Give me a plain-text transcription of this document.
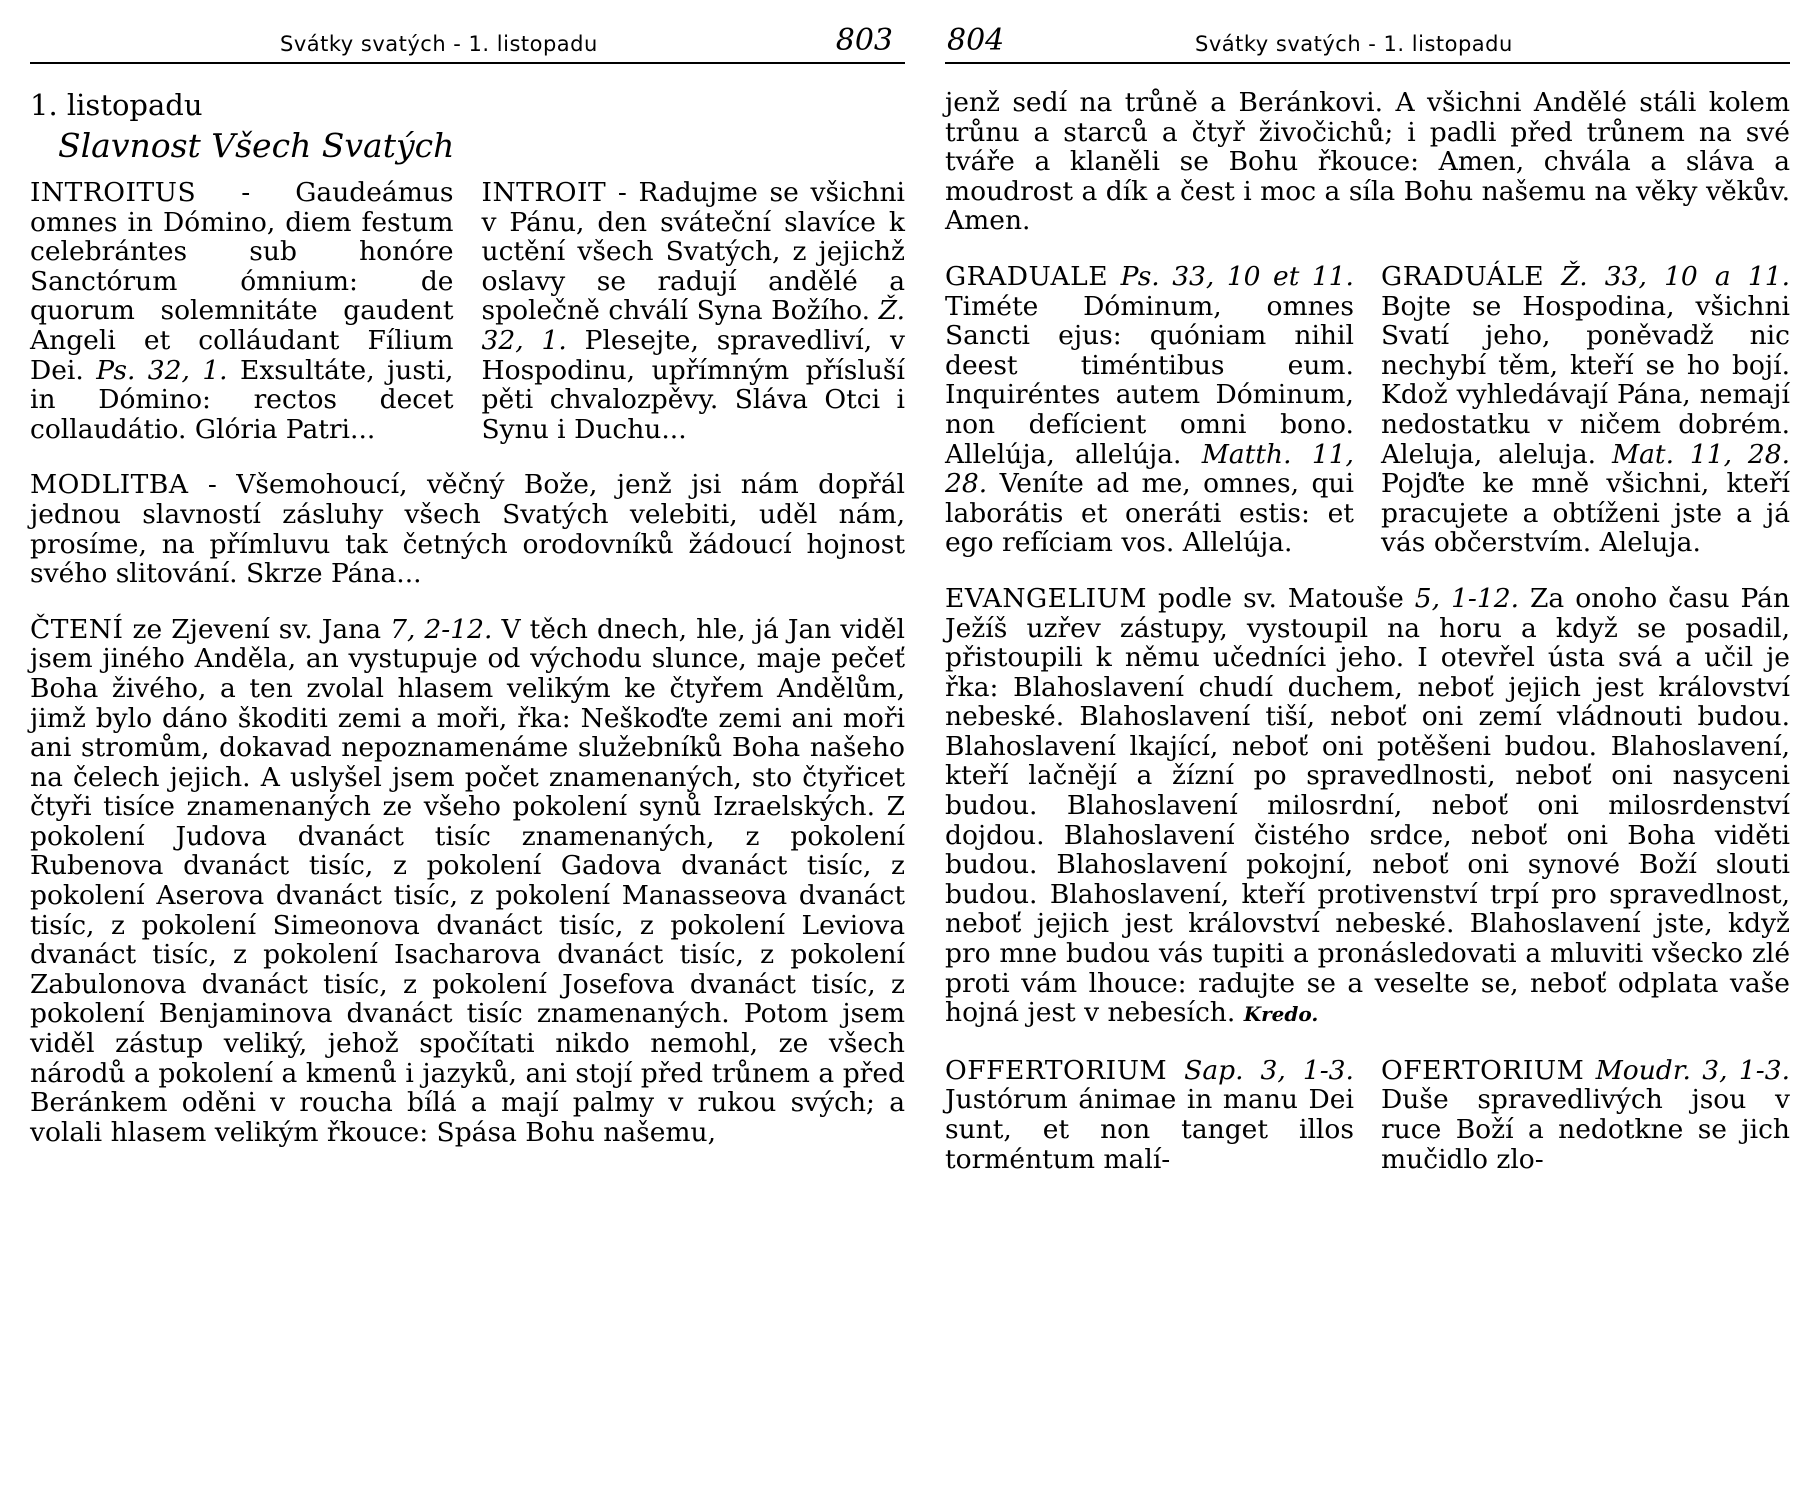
Svátky svatých - 1. listopadu	803

1. listopadu

Slavnost Všech Svatých

INTROITUS - Gaudeámus omnes in Dómino, diem festum celebrántes sub honóre Sanctórum ómnium: de quorum solemnitáte gaudent Angeli et colláudant Fílium Dei. Ps. 32, 1. Exsultáte, justi, in Dómino: rectos decet collaudátio. Glória Patri...

INTROIT - Radujme se všichni v Pánu, den sváteční slavíce k uctění všech Svatých, z jejichž oslavy se radují andělé a společně chválí Syna Božího. Ž. 32, 1. Plesejte, spravedliví, v Hospodinu, upřímným přísluší pěti chvalozpěvy. Sláva Otci i Synu i Duchu...

MODLITBA - Všemohoucí, věčný Bože, jenž jsi nám dopřál jednou slavností zásluhy všech Svatých velebiti, uděl nám, prosíme, na přímluvu tak četných orodovníků žádoucí hojnost svého slitování. Skrze Pána...

ČTENÍ ze Zjevení sv. Jana 7, 2-12. V těch dnech, hle, já Jan viděl jsem jiného Anděla, an vystupuje od východu slunce, maje pečeť Boha živého, a ten zvolal hlasem velikým ke čtyřem Andělům, jimž bylo dáno škoditi zemi a moři, řka: Neškoďte zemi ani moři ani stromům, dokavad nepoznamenáme služebníků Boha našeho na čelech jejich. A uslyšel jsem počet znamenaných, sto čtyřicet čtyři tisíce znamenaných ze všeho pokolení synů Izraelských. Z pokolení Judova dvanáct tisíc znamenaných, z pokolení Rubenova dvanáct tisíc, z pokolení Gadova dvanáct tisíc, z pokolení Aserova dvanáct tisíc, z pokolení Manasseova dvanáct tisíc, z pokolení Simeonova dvanáct tisíc, z pokolení Leviova dvanáct tisíc, z pokolení Isacharova dvanáct tisíc, z pokolení Zabulonova dvanáct tisíc, z pokolení Josefova dvanáct tisíc, z pokolení Benjaminova dvanáct tisíc znamenaných. Potom jsem viděl zástup veliký, jehož spočítati nikdo nemohl, ze všech národů a pokolení a kmenů i jazyků, ani stojí před trůnem a před Beránkem oděni v roucha bílá a mají palmy v rukou svých; a volali hlasem velikým řkouce: Spása Bohu našemu,

804	Svátky svatých - 1. listopadu

jenž sedí na trůně a Beránkovi. A všichni Andělé stáli kolem trůnu a starců a čtyř živočichů; i padli před trůnem na své tváře a klaněli se Bohu řkouce: Amen, chvála a sláva a moudrost a dík a čest i moc a síla Bohu našemu na věky věkův. Amen.

GRADUALE Ps. 33, 10 et 11. Timéte Dóminum, omnes Sancti ejus: quóniam nihil deest timéntibus eum. Inquiréntes autem Dóminum, non defícient omni bono. Allelúja, allelúja. Matth. 11, 28. Veníte ad me, omnes, qui laborátis et oneráti estis: et ego refíciam vos. Allelúja.

GRADUÁLE Ž. 33, 10 a 11. Bojte se Hospodina, všichni Svatí jeho, poněvadž nic nechybí těm, kteří se ho bojí. Kdož vyhledávají Pána, nemají nedostatku v ničem dobrém. Aleluja, aleluja. Mat. 11, 28. Pojďte ke mně všichni, kteří pracujete a obtíženi jste a já vás občerstvím. Aleluja.

EVANGELIUM podle sv. Matouše 5, 1-12. Za onoho času Pán Ježíš uzřev zástupy, vystoupil na horu a když se posadil, přistoupili k němu učedníci jeho. I otevřel ústa svá a učil je řka: Blahoslavení chudí duchem, neboť jejich jest království nebeské. Blahoslavení tiší, neboť oni zemí vládnouti budou. Blahoslavení lkající, neboť oni potěšeni budou. Blahoslavení, kteří lačnějí a žízní po spravedlnosti, neboť oni nasyceni budou. Blahoslavení milosrdní, neboť oni milosrdenství dojdou. Blahoslavení čistého srdce, neboť oni Boha viděti budou. Blahoslavení pokojní, neboť oni synové Boží slouti budou. Blahoslavení, kteří protivenství trpí pro spravedlnost, neboť jejich jest království nebeské. Blahoslavení jste, když pro mne budou vás tupiti a pronásledovati a mluviti všecko zlé proti vám lhouce: radujte se a veselte se, neboť odplata vaše hojná jest v nebesích. Kredo.

OFFERTORIUM Sap. 3, 1-3. Justórum ánimae in manu Dei sunt, et non tanget illos torméntum malí-

OFERTORIUM Moudr. 3, 1-3. Duše spravedlivých jsou v ruce Boží a nedotkne se jich mučidlo zlo-
